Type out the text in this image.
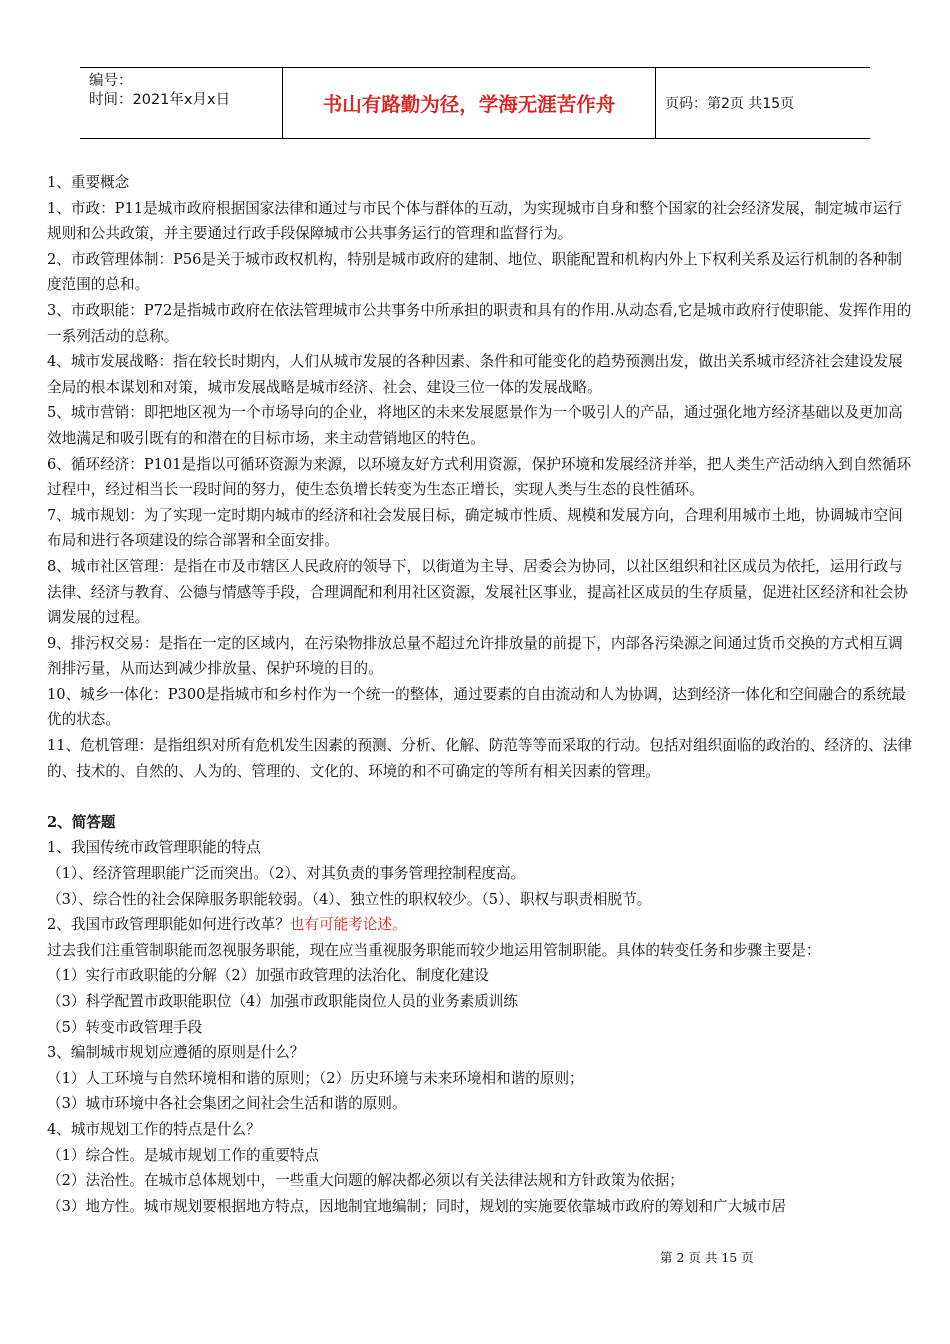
编号：
时间：2021年x月x日	书山有路勤为径，学海无涯苦作舟	页码：第2页 共15页

1、重要概念

1、市政：P11是城市政府根据国家法律和通过与市民个体与群体的互动，为实现城市自身和整个国家的社会经济发展，制定城市运行规则和公共政策，并主要通过行政手段保障城市公共事务运行的管理和监督行为。

2、市政管理体制：P56是关于城市政权机构，特别是城市政府的建制、地位、职能配置和机构内外上下权利关系及运行机制的各种制度范围的总和。

3、市政职能：P72是指城市政府在依法管理城市公共事务中所承担的职责和具有的作用.从动态看,它是城市政府行使职能、发挥作用的一系列活动的总称。

4、城市发展战略：指在较长时期内，人们从城市发展的各种因素、条件和可能变化的趋势预测出发，做出关系城市经济社会建设发展全局的根本谋划和对策，城市发展战略是城市经济、社会、建设三位一体的发展战略。

5、城市营销：即把地区视为一个市场导向的企业，将地区的未来发展愿景作为一个吸引人的产品，通过强化地方经济基础以及更加高效地满足和吸引既有的和潜在的目标市场，来主动营销地区的特色。

6、循环经济：P101是指以可循环资源为来源，以环境友好方式利用资源，保护环境和发展经济并举，把人类生产活动纳入到自然循环过程中，经过相当长一段时间的努力，使生态负增长转变为生态正增长，实现人类与生态的良性循环。

7、城市规划：为了实现一定时期内城市的经济和社会发展目标，确定城市性质、规模和发展方向，合理利用城市土地，协调城市空间布局和进行各项建设的综合部署和全面安排。

8、城市社区管理：是指在市及市辖区人民政府的领导下，以街道为主导、居委会为协同，以社区组织和社区成员为依托，运用行政与法律、经济与教育、公德与情感等手段，合理调配和利用社区资源，发展社区事业，提高社区成员的生存质量，促进社区经济和社会协调发展的过程。

9、排污权交易：是指在一定的区域内，在污染物排放总量不超过允许排放量的前提下，内部各污染源之间通过货币交换的方式相互调剂排污量，从而达到减少排放量、保护环境的目的。

10、城乡一体化：P300是指城市和乡村作为一个统一的整体，通过要素的自由流动和人为协调，达到经济一体化和空间融合的系统最优的状态。

11、危机管理：是指组织对所有危机发生因素的预测、分析、化解、防范等等而采取的行动。包括对组织面临的政治的、经济的、法律的、技术的、自然的、人为的、管理的、文化的、环境的和不可确定的等所有相关因素的管理。

2、简答题

1、我国传统市政管理职能的特点

（1）、经济管理职能广泛而突出。（2）、对其负责的事务管理控制程度高。

（3）、综合性的社会保障服务职能较弱。（4）、独立性的职权较少。（5）、职权与职责相脱节。

2、我国市政管理职能如何进行改革？也有可能考论述。

过去我们注重管制职能而忽视服务职能，现在应当重视服务职能而较少地运用管制职能。具体的转变任务和步骤主要是：

（1）实行市政职能的分解（2）加强市政管理的法治化、制度化建设

（3）科学配置市政职能职位（4）加强市政职能岗位人员的业务素质训练

（5）转变市政管理手段

3、编制城市规划应遵循的原则是什么？

（1）人工环境与自然环境相和谐的原则；（2）历史环境与未来环境相和谐的原则；

（3）城市环境中各社会集团之间社会生活和谐的原则。

4、城市规划工作的特点是什么？

（1）综合性。是城市规划工作的重要特点

（2）法治性。在城市总体规划中，一些重大问题的解决都必须以有关法律法规和方针政策为依据；

（3）地方性。城市规划要根据地方特点，因地制宜地编制；同时，规划的实施要依靠城市政府的筹划和广大城市居

第 2 页 共 15 页
